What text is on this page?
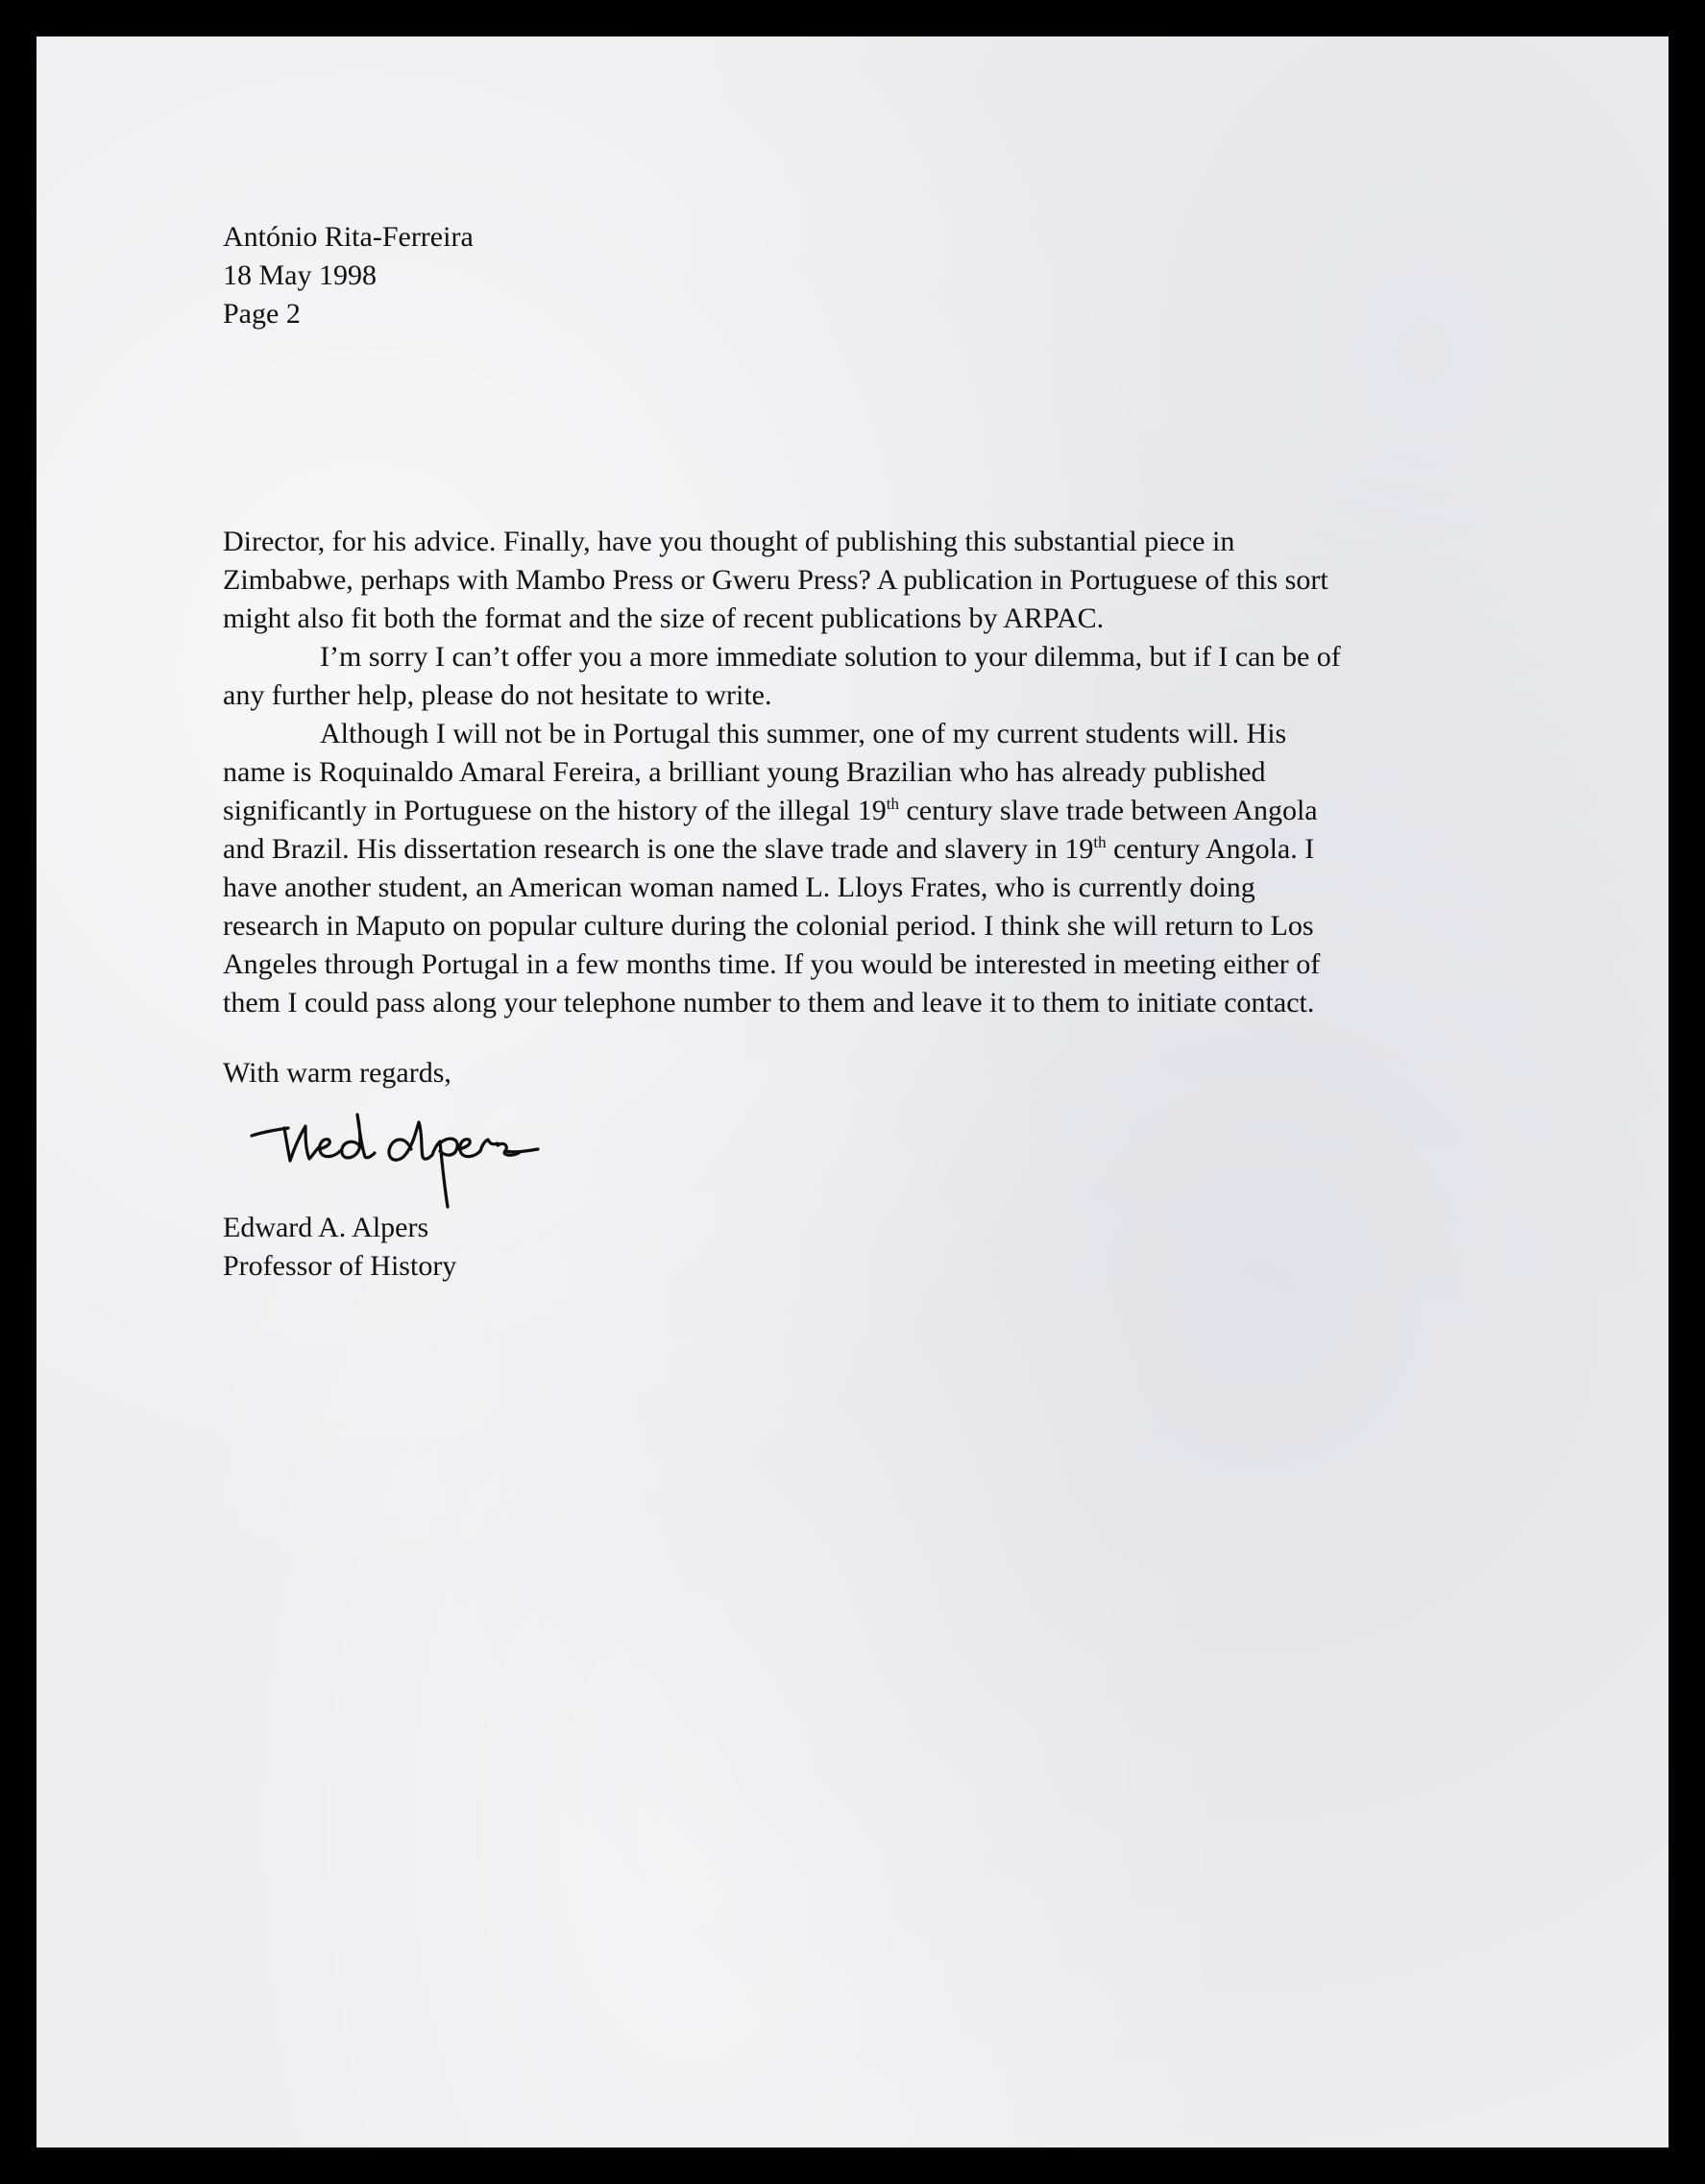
António Rita-Ferreira
18 May 1998
Page 2
Director, for his advice. Finally, have you thought of publishing this substantial piece in
Zimbabwe, perhaps with Mambo Press or Gweru Press? A publication in Portuguese of this sort
might also fit both the format and the size of recent publications by ARPAC.
I’m sorry I can’t offer you a more immediate solution to your dilemma, but if I can be of
any further help, please do not hesitate to write.
Although I will not be in Portugal this summer, one of my current students will. His
name is Roquinaldo Amaral Fereira, a brilliant young Brazilian who has already published
significantly in Portuguese on the history of the illegal 19th century slave trade between Angola
and Brazil. His dissertation research is one the slave trade and slavery in 19th century Angola. I
have another student, an American woman named L. Lloys Frates, who is currently doing
research in Maputo on popular culture during the colonial period. I think she will return to Los
Angeles through Portugal in a few months time. If you would be interested in meeting either of
them I could pass along your telephone number to them and leave it to them to initiate contact.
With warm regards,
Edward A. Alpers
Professor of History
